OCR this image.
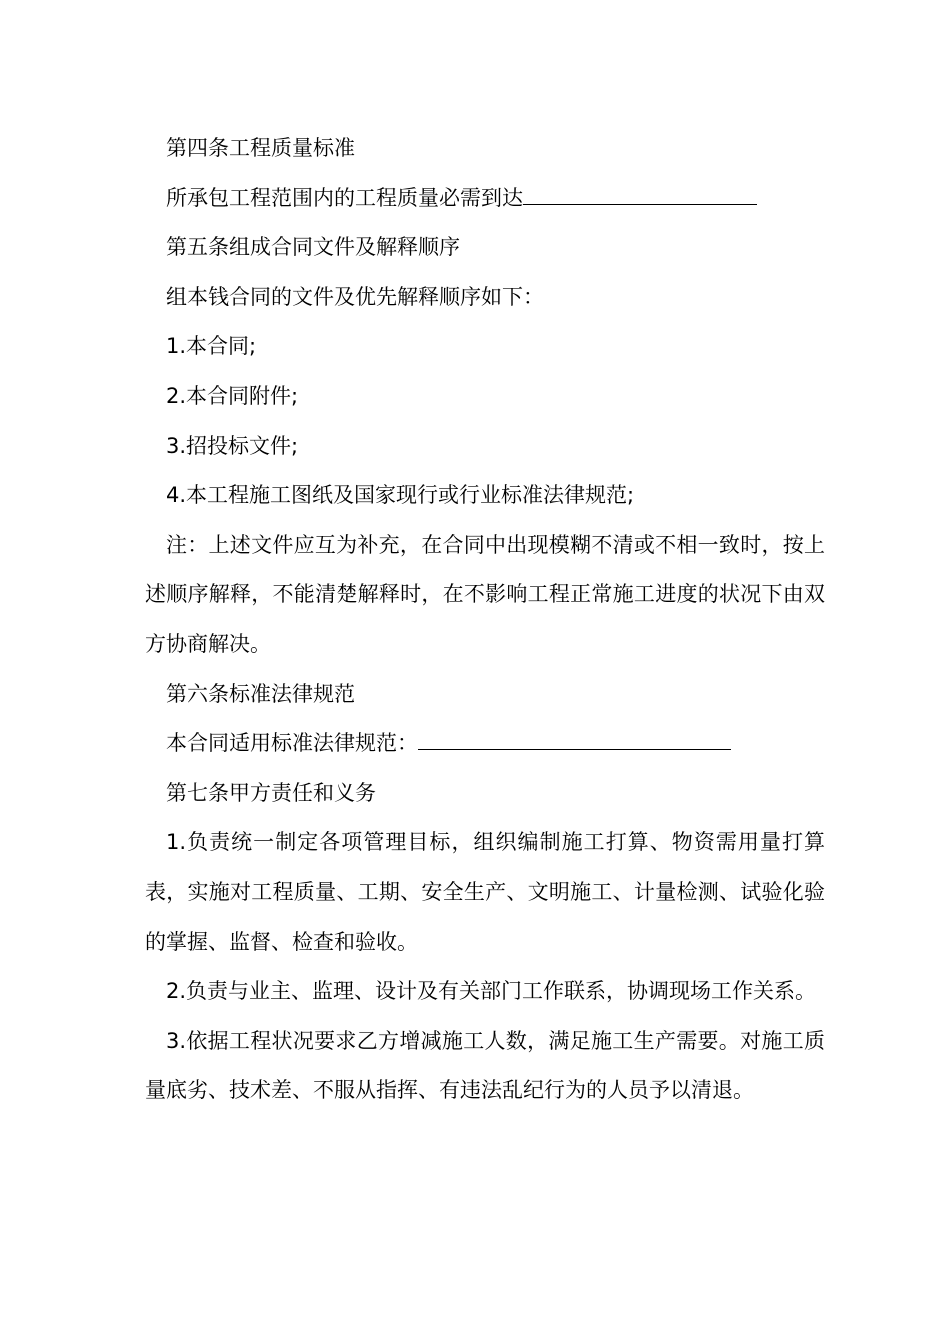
第四条工程质量标准

所承包工程范围内的工程质量必需到达

第五条组成合同文件及解释顺序

组本钱合同的文件及优先解释顺序如下：

1.本合同;

2.本合同附件;

3.招投标文件;

4.本工程施工图纸及国家现行或行业标准法律规范;

注：上述文件应互为补充，在合同中出现模糊不清或不相一致时，按上述顺序解释，不能清楚解释时，在不影响工程正常施工进度的状况下由双方协商解决。

第六条标准法律规范

本合同适用标准法律规范：

第七条甲方责任和义务

1.负责统一制定各项管理目标，组织编制施工打算、物资需用量打算表，实施对工程质量、工期、安全生产、文明施工、计量检测、试验化验的掌握、监督、检查和验收。

2.负责与业主、监理、设计及有关部门工作联系，协调现场工作关系。

3.依据工程状况要求乙方增减施工人数，满足施工生产需要。对施工质量底劣、技术差、不服从指挥、有违法乱纪行为的人员予以清退。
